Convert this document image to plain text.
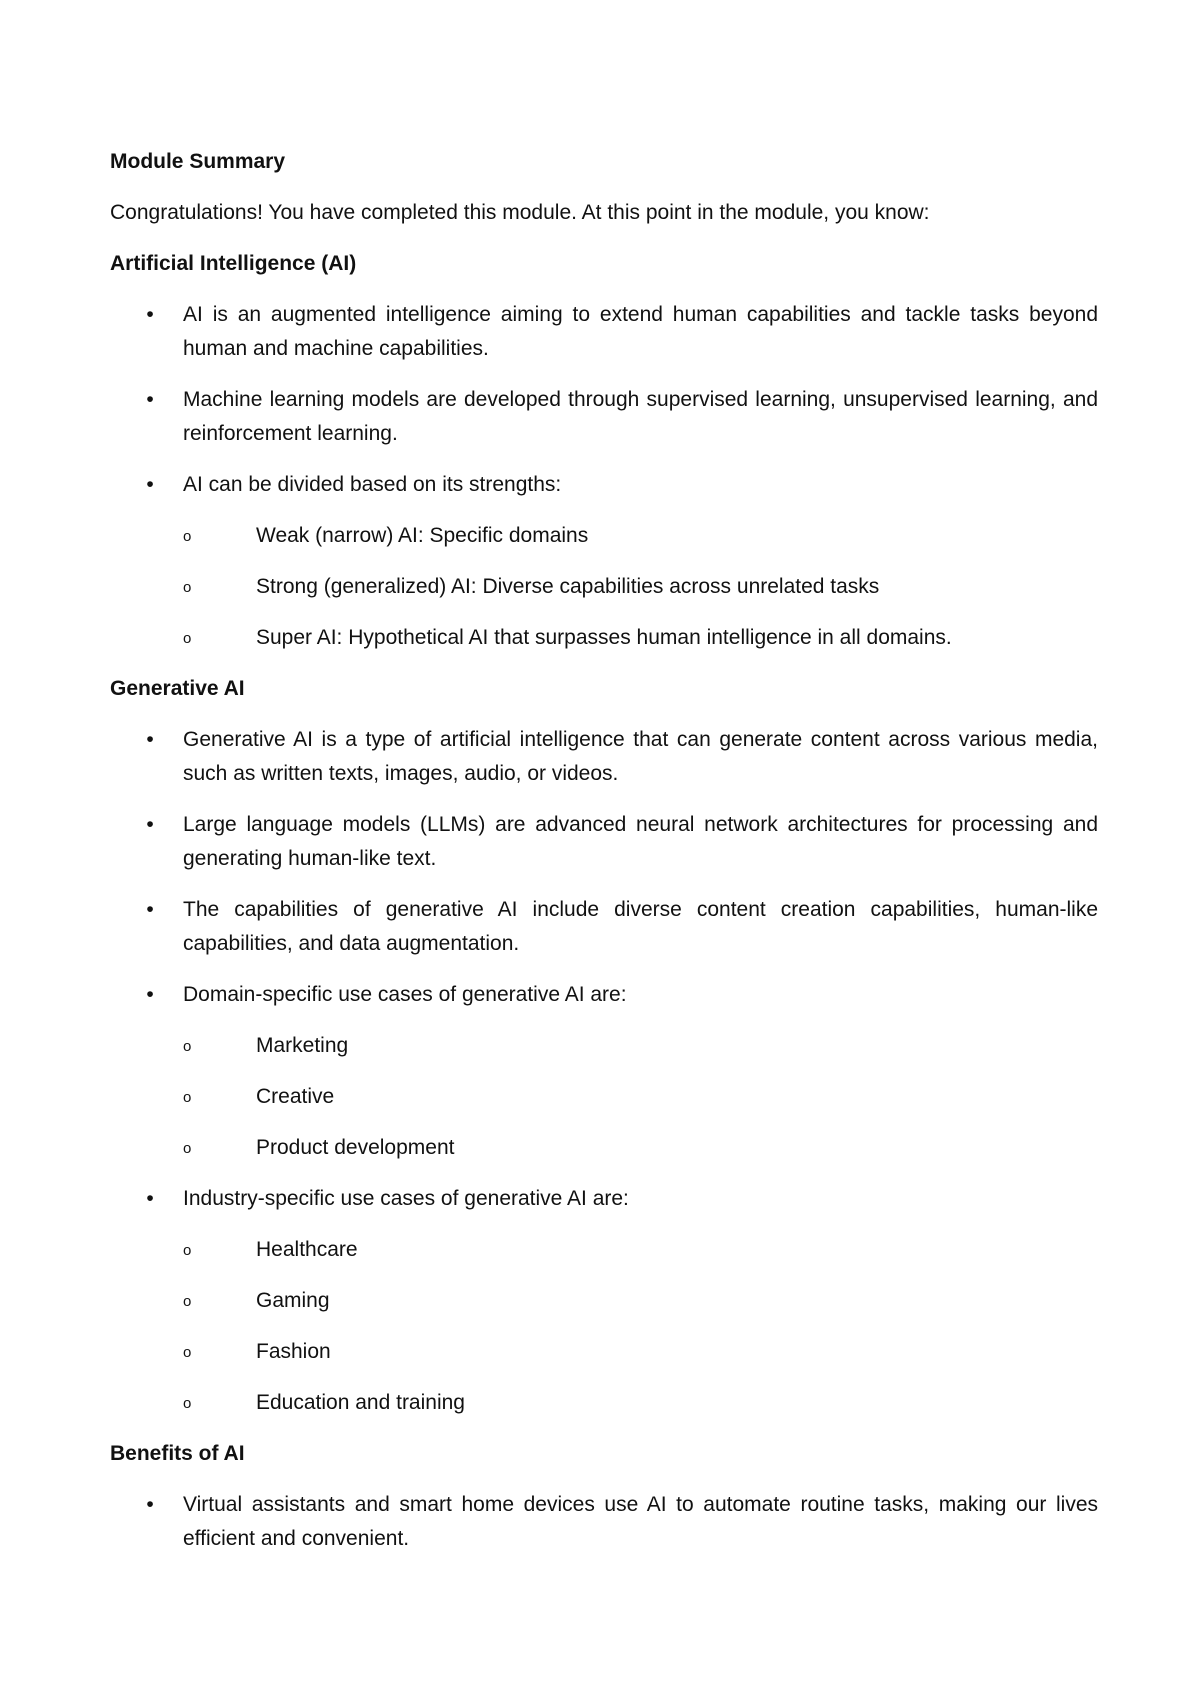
Module Summary
Congratulations! You have completed this module. At this point in the module, you know:
Artificial Intelligence (AI)
• AI is an augmented intelligence aiming to extend human capabilities and tackle tasks beyond human and machine capabilities.
• Machine learning models are developed through supervised learning, unsupervised learning, and reinforcement learning.
• AI can be divided based on its strengths:
o	Weak (narrow) AI: Specific domains
o	Strong (generalized) AI: Diverse capabilities across unrelated tasks
o	Super AI: Hypothetical AI that surpasses human intelligence in all domains.
Generative AI
• Generative AI is a type of artificial intelligence that can generate content across various media, such as written texts, images, audio, or videos.
• Large language models (LLMs) are advanced neural network architectures for processing and generating human-like text.
• The capabilities of generative AI include diverse content creation capabilities, human-like capabilities, and data augmentation.
• Domain-specific use cases of generative AI are:
o	Marketing
o	Creative
o	Product development
• Industry-specific use cases of generative AI are:
o	Healthcare
o	Gaming
o	Fashion
o	Education and training
Benefits of AI
• Virtual assistants and smart home devices use AI to automate routine tasks, making our lives efficient and convenient.
